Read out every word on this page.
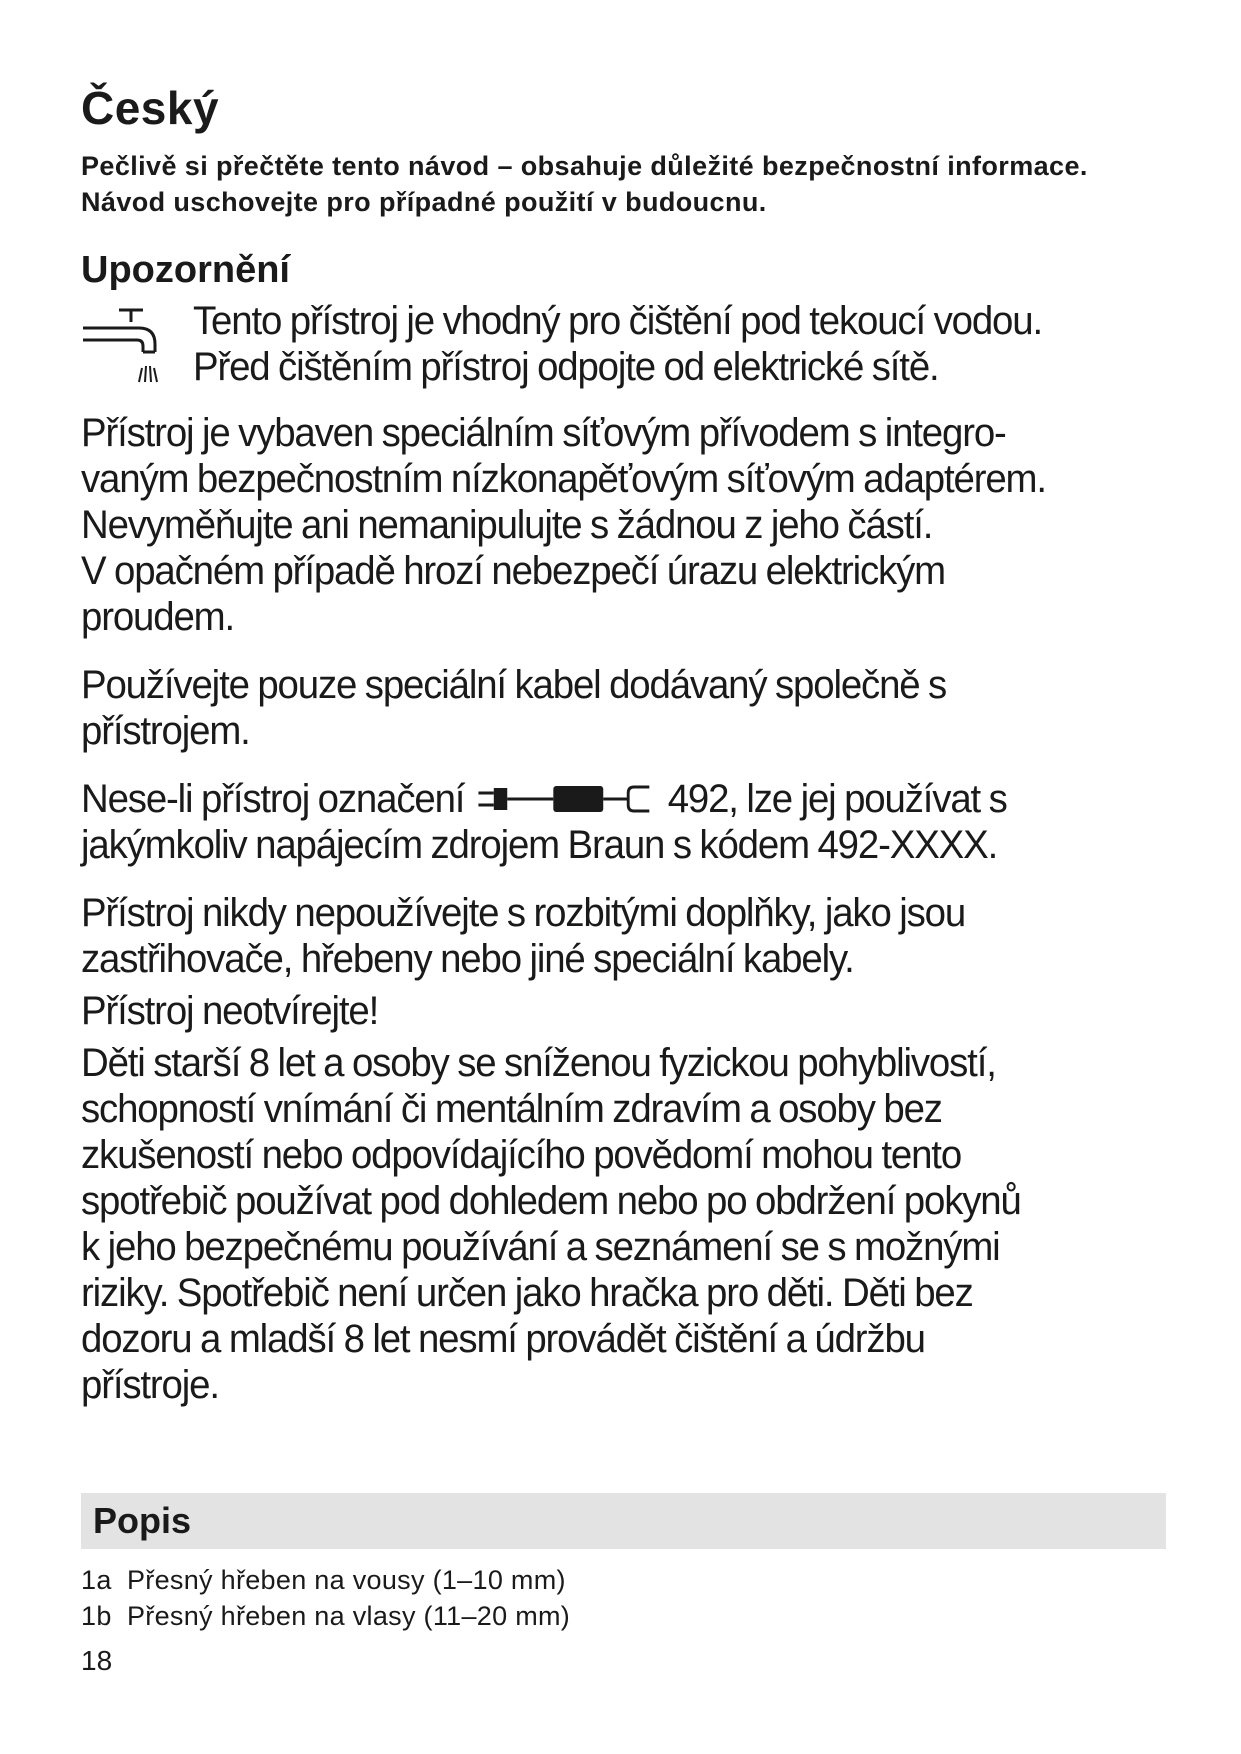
Český
Pečlivě si přečtěte tento návod – obsahuje důležité bezpečnostní informace. Návod uschovejte pro případné použití v budoucnu.
Upozornění
Tento přístroj je vhodný pro čištění pod tekoucí vodou.
Před čištěním přístroj odpojte od elektrické sítě.
Přístroj je vybaven speciálním síťovým přívodem s integro-
vaným bezpečnostním nízkonapěťovým síťovým adaptérem.
Nevyměňujte ani nemanipulujte s žádnou z jeho částí.
V opačném případě hrozí nebezpečí úrazu elektrickým
proudem.
Používejte pouze speciální kabel dodávaný společně s
přístrojem.
Nese-li přístroj označení	492, lze jej používat s
jakýmkoliv napájecím zdrojem Braun s kódem 492-XXXX.
Přístroj nikdy nepoužívejte s rozbitými doplňky, jako jsou
zastřihovače, hřebeny nebo jiné speciální kabely.
Přístroj neotvírejte!
Děti starší 8 let a osoby se sníženou fyzickou pohyblivostí,
schopností vnímání či mentálním zdravím a osoby bez
zkušeností nebo odpovídajícího povědomí mohou tento
spotřebič používat pod dohledem nebo po obdržení pokynů
k jeho bezpečnému používání a seznámení se s možnými
riziky. Spotřebič není určen jako hračka pro děti. Děti bez
dozoru a mladší 8 let nesmí provádět čištění a údržbu
přístroje.
Popis
1a Přesný hřeben na vousy (1–10 mm)
1b Přesný hřeben na vlasy (11–20 mm)
18
